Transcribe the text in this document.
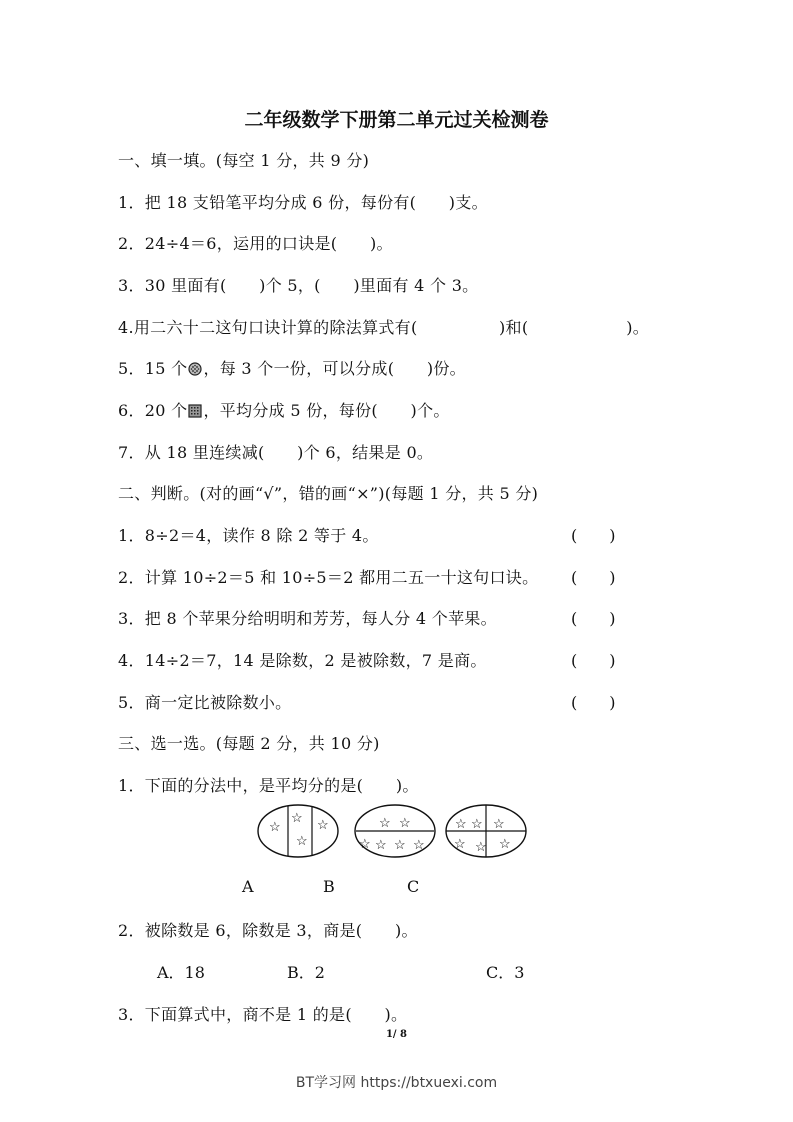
二年级数学下册第二单元过关检测卷
一、填一填。(每空 1 分，共 9 分)
1．把 18 支铅笔平均分成 6 份，每份有(　　)支。
2．24÷4＝6，运用的口诀是(　　)。
3．30 里面有(　　)个 5，(　　)里面有 4 个 3。
4.用二六十二这句口诀计算的除法算式有(　　　　　)和(　　　　　　)。
5．15 个 ，每 3 个一份，可以分成(　　)份。
6．20 个 ，平均分成 5 份，每份(　　)个。
7．从 18 里连续减(　　)个 6，结果是 0。
二、判断。(对的画“√”，错的画“×”)(每题 1 分，共 5 分)
1．8÷2＝4，读作 8 除 2 等于 4。	(　　)
2．计算 10÷2＝5 和 10÷5＝2 都用二五一十这句口诀。 (　　)
3．把 8 个苹果分给明明和芳芳，每人分 4 个苹果。	(　　)
4．14÷2＝7，14 是除数，2 是被除数，7 是商。	(　　)
5．商一定比被除数小。	(　　)
三、选一选。(每题 2 分，共 10 分)
1．下面的分法中，是平均分的是(　　)。
☆
☆
☆
☆	☆ ☆
☆ ☆ ☆ ☆
☆ ☆ ☆
☆ ☆ ☆
A	B	C
2．被除数是 6，除数是 3，商是(　　)。
A．18	B．2	C．3
3．下面算式中，商不是 1 的是(　　)。
1/ 8
BT学习网 https://btxuexi.com
